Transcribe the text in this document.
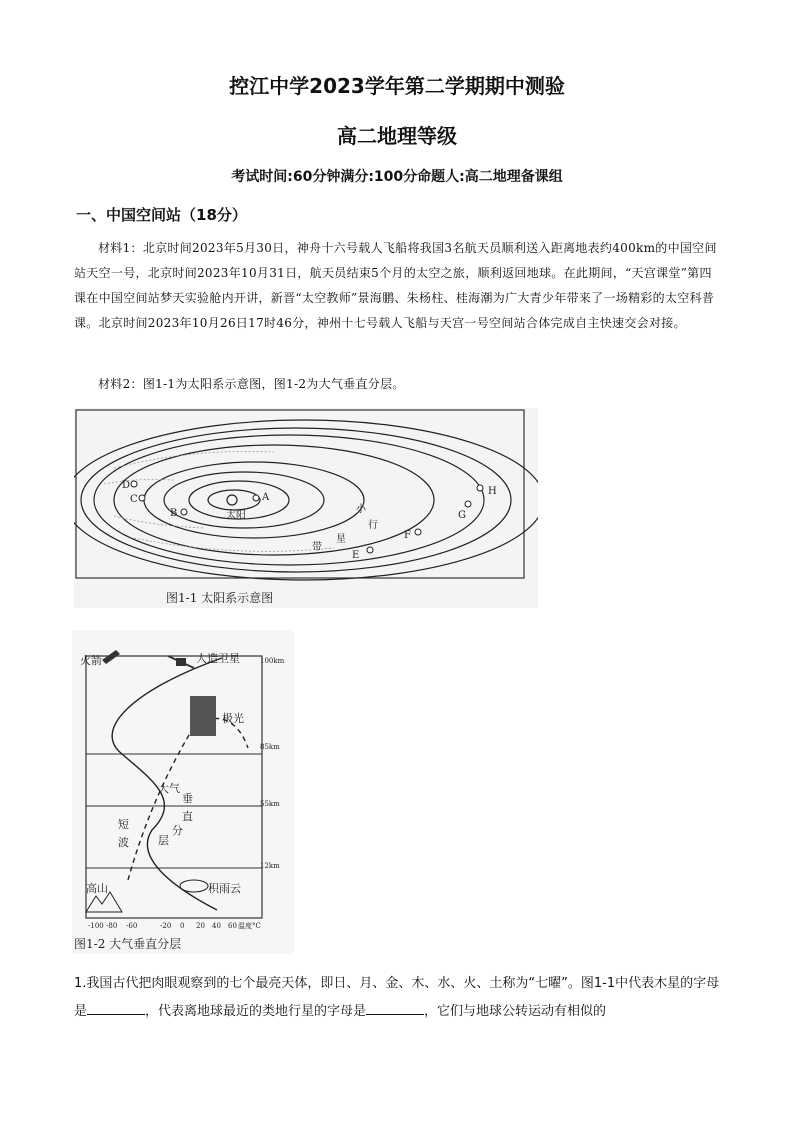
控江中学2023学年第二学期期中测验
高二地理等级
考试时间:60分钟满分:100分命题人:高二地理备课组
一、中国空间站（18分）
材料1：北京时间2023年5月30日，神舟十六号载人飞船将我国3名航天员顺利送入距离地表约400km的中国空间站天空一号，北京时间2023年10月31日，航天员结束5个月的太空之旅，顺利返回地球。在此期间，“天宫课堂”第四课在中国空间站梦天实验舱内开讲，新晋“太空教师”景海鹏、朱杨柱、桂海潮为广大青少年带来了一场精彩的太空科普课。北京时间2023年10月26日17时46分，神州十七号载人飞船与天宫一号空间站合体完成自主快速交会对接。
材料2：图1-1为太阳系示意图，图1-2为大气垂直分层。
太阳
A
B
C
D
E
F
G
H
小
行
星
带
图1-1 太阳系示意图
100km
85km
55km
12km
火箭	人造卫星
极光
大气
垂
直
分
层
短
波
高山	积雨云
-100 -80 -60	-20 0 20 40 60 温度°C
图1-2 大气垂直分层
1.我国古代把肉眼观察到的七个最亮天体，即日、月、金、木、水、火、土称为“七曜”。图1-1中代表木星的字母是	，代表离地球最近的类地行星的字母是	，它们与地球公转运动有相似的
